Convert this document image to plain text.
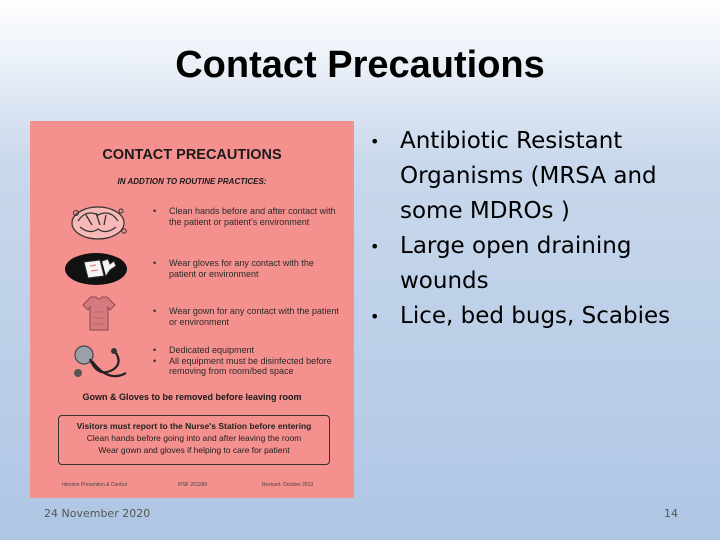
Contact Precautions
CONTACT PRECAUTIONS
IN ADDTION TO ROUTINE PRACTICES:
• Clean hands before and after contact with the patient or patient's environment
• Wear gloves for any contact with the patient or environment
• Wear gown for any contact with the patient or environment
• Dedicated equipment
• All equipment must be disinfected before removing from room/bed space
Gown & Gloves to be removed before leaving room
Visitors must report to the Nurse's Station before entering
Clean hands before going into and after leaving the room
Wear gown and gloves if helping to care for patient
nfection Prevention & Control	IPSF 203289	Revised: October 2013
• Antibiotic Resistant Organisms (MRSA and some MDROs )
• Large open draining wounds
• Lice, bed bugs, Scabies
24 November 2020	14
